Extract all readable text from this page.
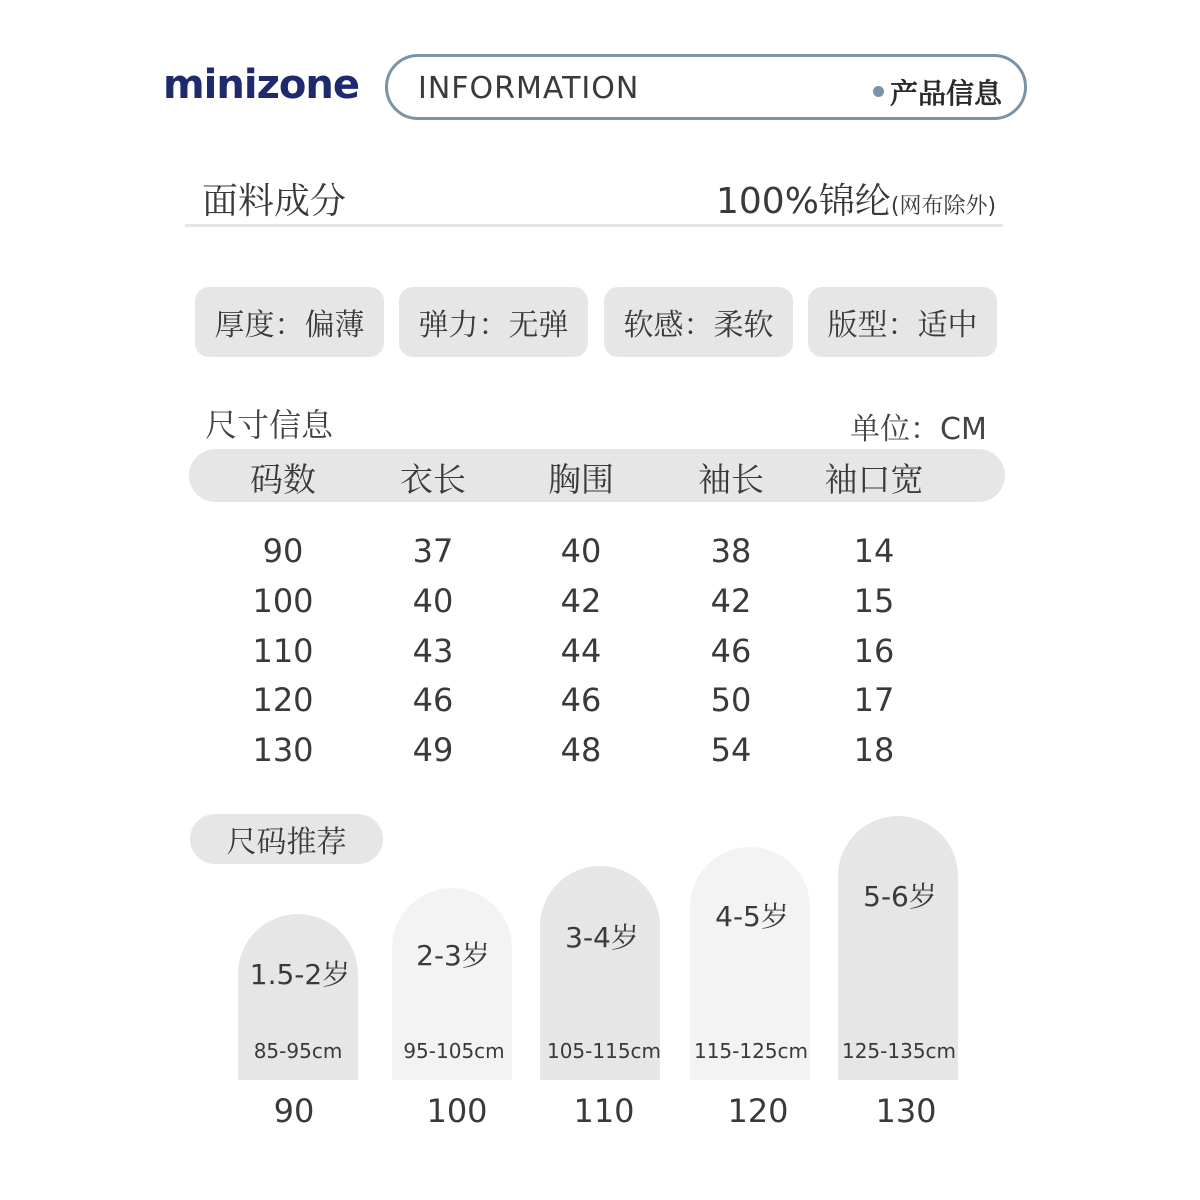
minizone INFORMATION	产品信息
面料成分	100%锦纶(网布除外)
厚度：偏薄 弹力：无弹 软感：柔软 版型：适中
尺寸信息	单位：CM
码数	衣长 胸围	袖长 袖口宽
90	37	40	38	14
100	40	42	42	15
110	43	44	46	16
120	46	46	50	17
130	49	48	54	18
尺码推荐
1.5-2岁
2-3岁
3-4岁
4-5岁
5-6岁
85-95cm	95-105cm 105-115cm 115-125cm 125-135cm
90	100	110	120	130
